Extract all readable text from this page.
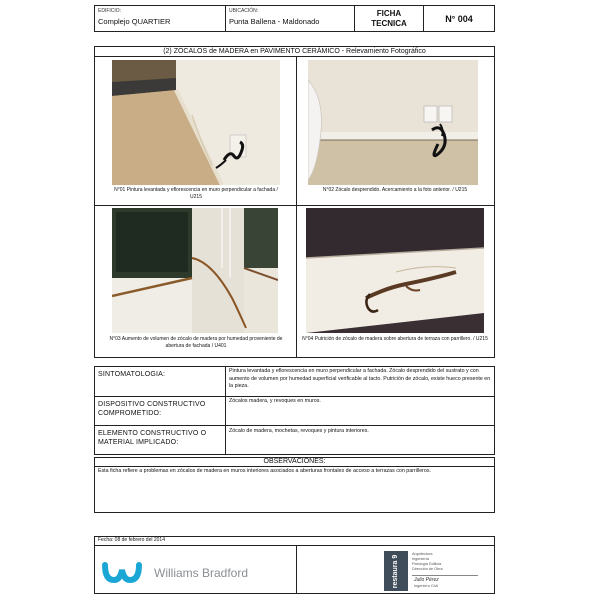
EDIFICIO:
Complejo QUARTIER
UBICACIÓN:
Punta Ballena - Maldonado
FICHA
TECNICA	N° 004
(2) ZÓCALOS de MADERA en PAVIMENTO CERÁMICO - Relevamiento Fotográfico
N°01 Pintura levantada y eflorescencia en muro perpendicular a fachada / U215
N°02 Zócalo desprendido. Acercamiento a la foto anterior. / U215
N°03 Aumento de volumen de zócalo de madera por humedad proveniente de abertura de fachada / U401
N°04 Putrición de zócalo de madera sobre abertura de terraza con parrillero. / U215
SINTOMATOLOGIA:	Pintura levantada y eflorescencia en muro perpendicular a fachada. Zócalo desprendido del sustrato y con aumento de volumen por humedad superficial verificable al tacto. Putrición de zócalo, existe hueco presente en la pieza.
DISPOSITIVO CONSTRUCTIVO COMPROMETIDO:
Zócalos madera, y revoques en muros.
ELEMENTO CONSTRUCTIVO O MATERIAL IMPLICADO:
Zócalo de madera, mochetas, revoques y pintura interiores.
OBSERVACIONES:
Esta ficha refiere a problemas en zócalos de madera en muros interiores asociados a aberturas frontales de acceso a terrazas con parrilleros.
Fecha: 08 de febrero del 2014
Williams Bradford	restaura 9
Arquitectura
Ingeniería
Patología Edilicia
Dirección de Obra
Julio Pérez
Ingeniero Civil
